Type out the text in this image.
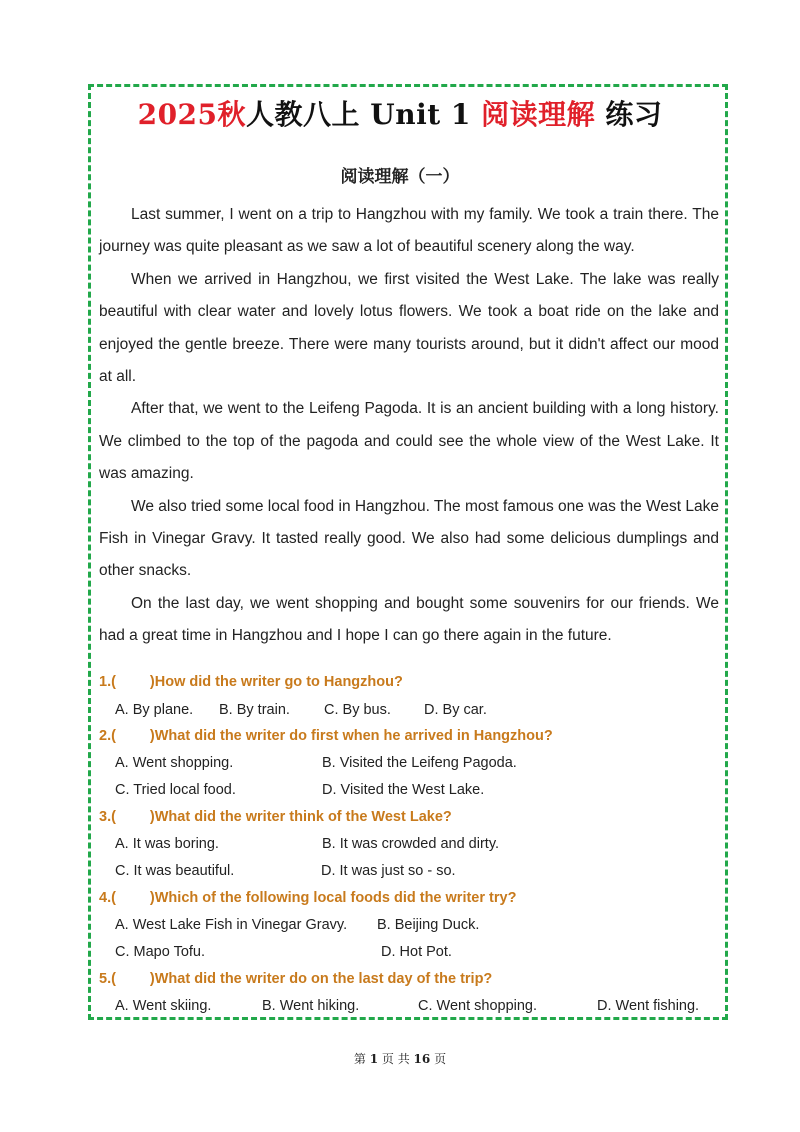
2025秋人教八上 Unit 1 阅读理解 练习
阅读理解（一）

Last summer, I went on a trip to Hangzhou with my family. We took a train there. The journey was quite pleasant as we saw a lot of beautiful scenery along the way.

When we arrived in Hangzhou, we first visited the West Lake. The lake was really beautiful with clear water and lovely lotus flowers. We took a boat ride on the lake and enjoyed the gentle breeze. There were many tourists around, but it didn't affect our mood at all.

After that, we went to the Leifeng Pagoda. It is an ancient building with a long history. We climbed to the top of the pagoda and could see the whole view of the West Lake. It was amazing.

We also tried some local food in Hangzhou. The most famous one was the West Lake Fish in Vinegar Gravy. It tasted really good. We also had some delicious dumplings and other snacks.

On the last day, we went shopping and bought some souvenirs for our friends. We had a great time in Hangzhou and I hope I can go there again in the future.

1.( )How did the writer go to Hangzhou?
A. By plane. B. By train. C. By bus. D. By car.
2.( )What did the writer do first when he arrived in Hangzhou?
A. Went shopping.	B. Visited the Leifeng Pagoda.
C. Tried local food.	D. Visited the West Lake.
3.( )What did the writer think of the West Lake?
A. It was boring.	B. It was crowded and dirty.
C. It was beautiful.	D. It was just so - so.
4.( )Which of the following local foods did the writer try?
A. West Lake Fish in Vinegar Gravy. B. Beijing Duck.
C. Mapo Tofu.	D. Hot Pot.
5.( )What did the writer do on the last day of the trip?
A. Went skiing.	B. Went hiking.	C. Went shopping.	D. Went fishing.
第 1 页 共 16 页
